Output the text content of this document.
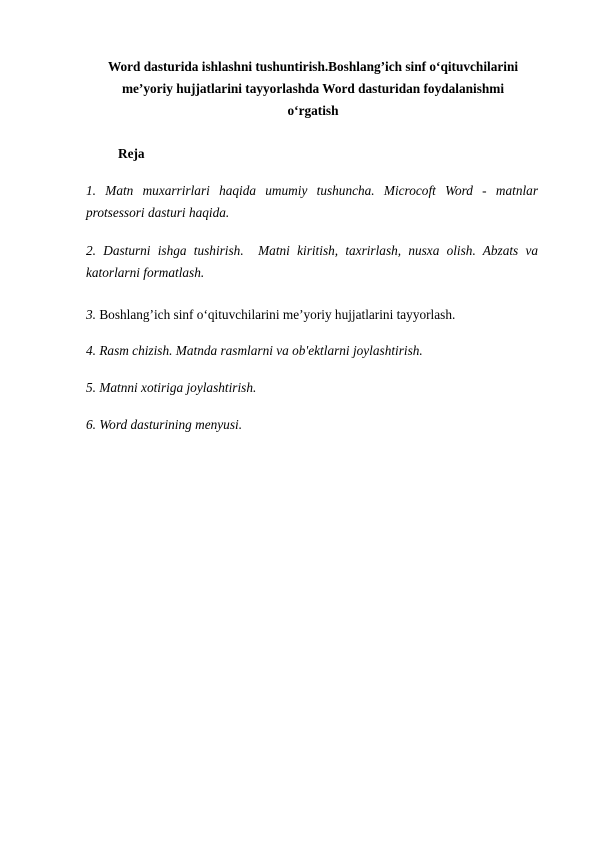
Word dasturida ishlashni tushuntirish.Boshlang’ich sinf o‘qituvchilarini
me’yoriy hujjatlarini tayyorlashda Word dasturidan foydalanishmi
o‘rgatish
Reja
1. Matn muxarrirlari haqida umumiy tushuncha. Microcoft Word - matnlar protsessori dasturi haqida.
2. Dasturni ishga tushirish.  Matni kiritish, taxrirlash, nusxa olish. Abzats va katorlarni formatlash.
3. Boshlang’ich sinf o‘qituvchilarini me’yoriy hujjatlarini tayyorlash.
4. Rasm chizish. Matnda rasmlarni va ob'ektlarni joylashtirish.
5. Matnni xotiriga joylashtirish.
6. Word dasturining menyusi.
